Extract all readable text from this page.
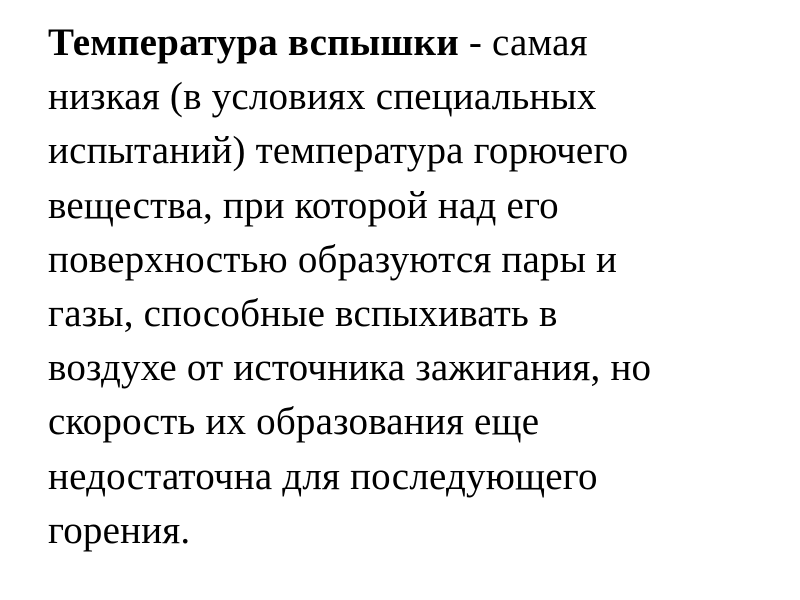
Температура вспышки - самая
низкая (в условиях специальных
испытаний) температура горючего
вещества, при которой над его
поверхностью образуются пары и
газы, способные вспыхивать в
воздухе от источника зажигания, но
скорость их образования еще
недостаточна для последующего
горения.
